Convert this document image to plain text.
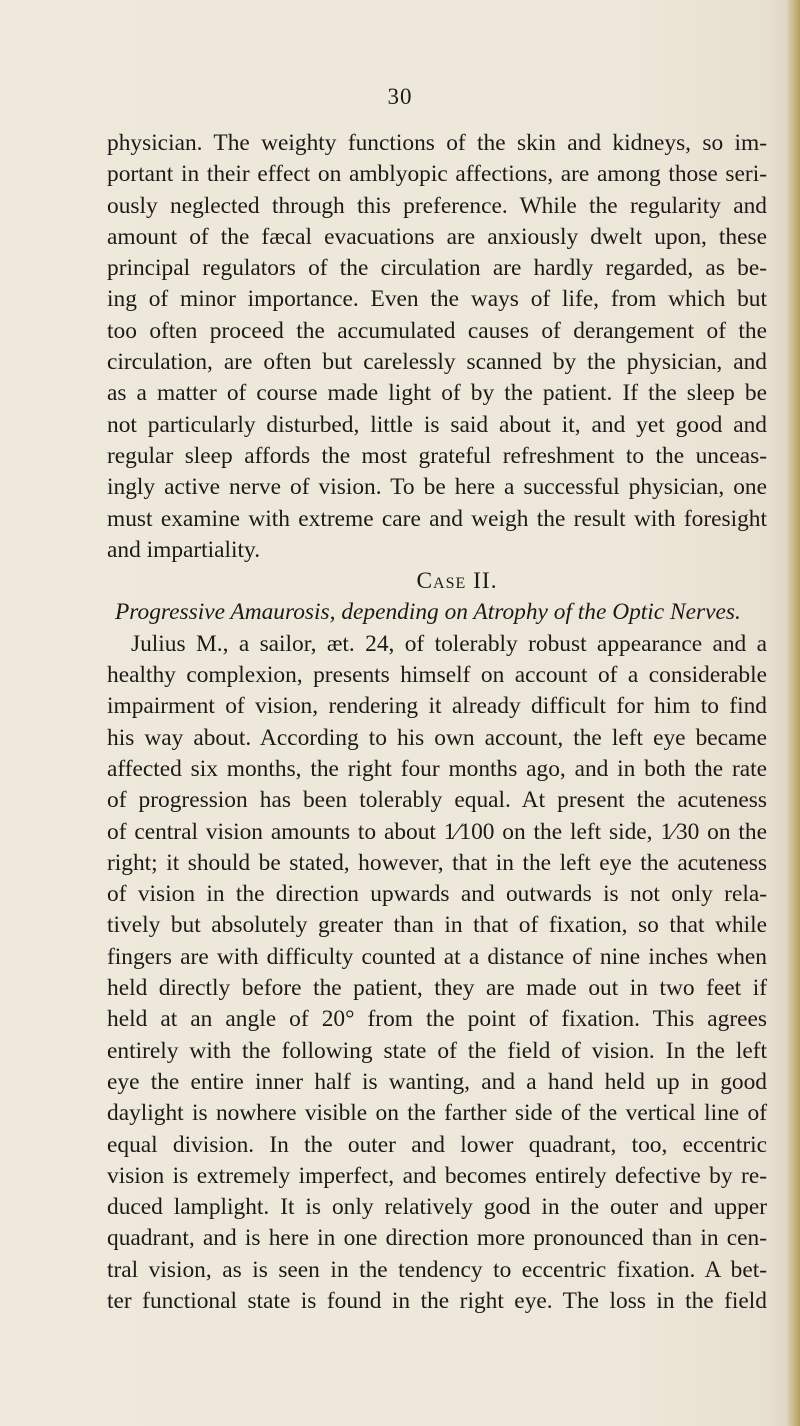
30
physician. The weighty functions of the skin and kidneys, so im-
portant in their effect on amblyopic affections, are among those seri-
ously neglected through this preference. While the regularity and
amount of the fæcal evacuations are anxiously dwelt upon, these
principal regulators of the circulation are hardly regarded, as be-
ing of minor importance. Even the ways of life, from which but
too often proceed the accumulated causes of derangement of the
circulation, are often but carelessly scanned by the physician, and
as a matter of course made light of by the patient. If the sleep be
not particularly disturbed, little is said about it, and yet good and
regular sleep affords the most grateful refreshment to the unceas-
ingly active nerve of vision. To be here a successful physician, one
must examine with extreme care and weigh the result with foresight
and impartiality.
Case II.
Progressive Amaurosis, depending on Atrophy of the Optic Nerves.
Julius M., a sailor, æt. 24, of tolerably robust appearance and a
healthy complexion, presents himself on account of a considerable
impairment of vision, rendering it already difficult for him to find
his way about. According to his own account, the left eye became
affected six months, the right four months ago, and in both the rate
of progression has been tolerably equal. At present the acuteness
of central vision amounts to about 1⁄100 on the left side, 1⁄30 on the
right; it should be stated, however, that in the left eye the acuteness
of vision in the direction upwards and outwards is not only rela-
tively but absolutely greater than in that of fixation, so that while
fingers are with difficulty counted at a distance of nine inches when
held directly before the patient, they are made out in two feet if
held at an angle of 20° from the point of fixation. This agrees
entirely with the following state of the field of vision. In the left
eye the entire inner half is wanting, and a hand held up in good
daylight is nowhere visible on the farther side of the vertical line of
equal division. In the outer and lower quadrant, too, eccentric
vision is extremely imperfect, and becomes entirely defective by re-
duced lamplight. It is only relatively good in the outer and upper
quadrant, and is here in one direction more pronounced than in cen-
tral vision, as is seen in the tendency to eccentric fixation. A bet-
ter functional state is found in the right eye. The loss in the field
